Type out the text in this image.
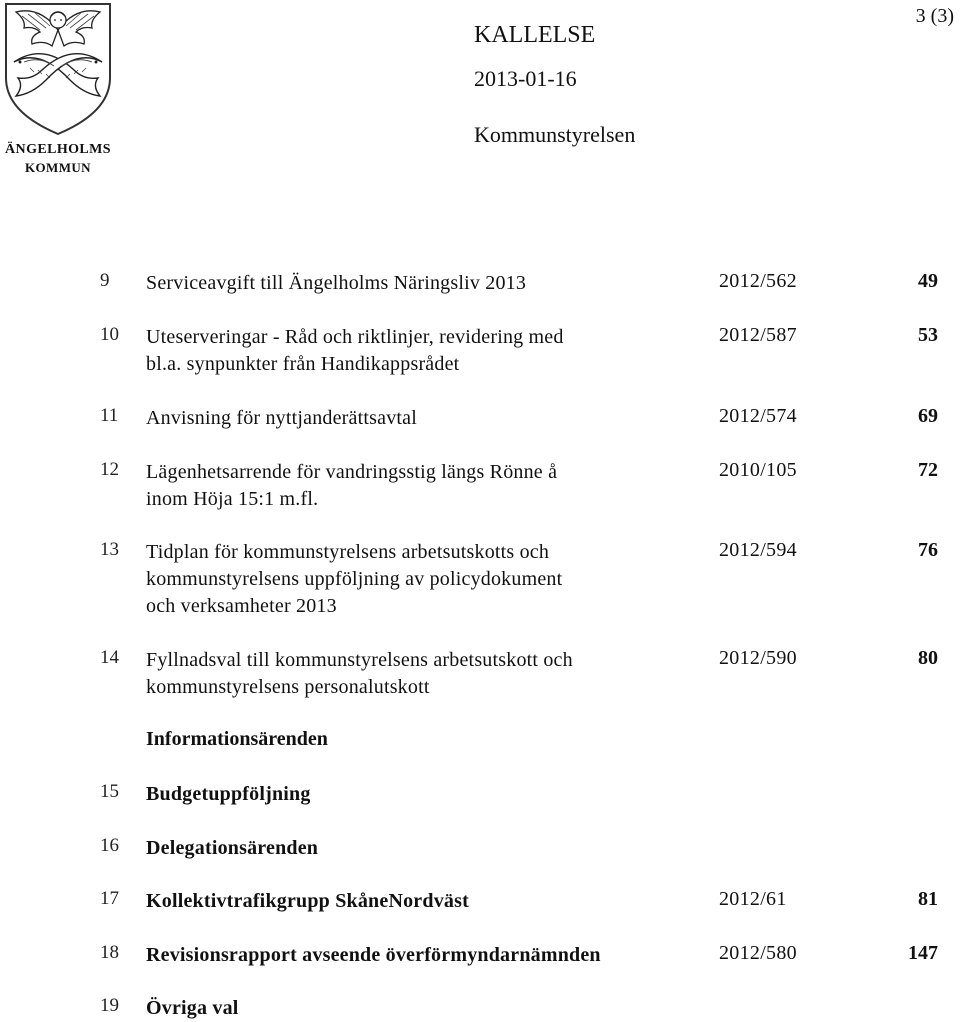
ÄNGELHOLMS
KOMMUN
KALLELSE
2013-01-16
Kommunstyrelsen
3 (3)
9	Serviceavgift till Ängelholms Näringsliv 2013	2012/562	49
10	Uteserveringar - Råd och riktlinjer, revidering med
bl.a. synpunkter från Handikappsrådet
2012/587	53
11	Anvisning för nyttjanderättsavtal	2012/574	69
12	Lägenhetsarrende för vandringsstig längs Rönne å
inom Höja 15:1 m.fl.
2010/105	72
13	Tidplan för kommunstyrelsens arbetsutskotts och
kommunstyrelsens uppföljning av policydokument
och verksamheter 2013
2012/594	76
14	Fyllnadsval till kommunstyrelsens arbetsutskott och
kommunstyrelsens personalutskott
2012/590	80
Informationsärenden
15	Budgetuppföljning
16	Delegationsärenden
17	Kollektivtrafikgrupp SkåneNordväst	2012/61	81
18	Revisionsrapport avseende överförmyndarnämnden	2012/580	147
19	Övriga val
